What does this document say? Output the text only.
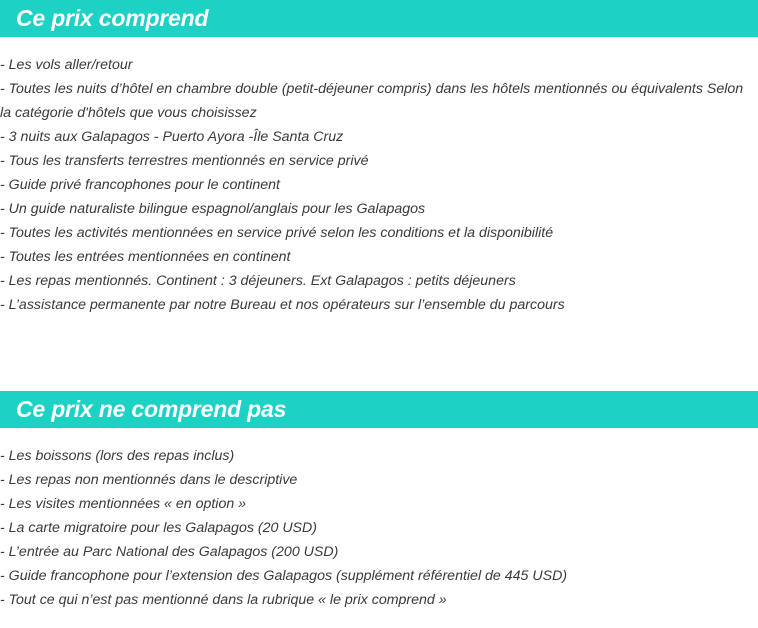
Ce prix comprend
- Les vols aller/retour
- Toutes les nuits d’hôtel en chambre double (petit-déjeuner compris) dans les hôtels mentionnés ou équivalents Selon la catégorie d'hôtels que vous choisissez
- 3 nuits aux Galapagos - Puerto Ayora -Île Santa Cruz
- Tous les transferts terrestres mentionnés en service privé
- Guide privé francophones pour le continent
- Un guide naturaliste bilingue espagnol/anglais pour les Galapagos
- Toutes les activités mentionnées en service privé selon les conditions et la disponibilité
- Toutes les entrées mentionnées en continent
- Les repas mentionnés. Continent : 3 déjeuners. Ext Galapagos : petits déjeuners
- L’assistance permanente par notre Bureau et nos opérateurs sur l’ensemble du parcours
Ce prix ne comprend pas
- Les boissons (lors des repas inclus)
- Les repas non mentionnés dans le descriptive
- Les visites mentionnées « en option »
- La carte migratoire pour les Galapagos (20 USD)
- L’entrée au Parc National des Galapagos (200 USD)
- Guide francophone pour l’extension des Galapagos (supplément référentiel de 445 USD)
- Tout ce qui n’est pas mentionné dans la rubrique « le prix comprend »
